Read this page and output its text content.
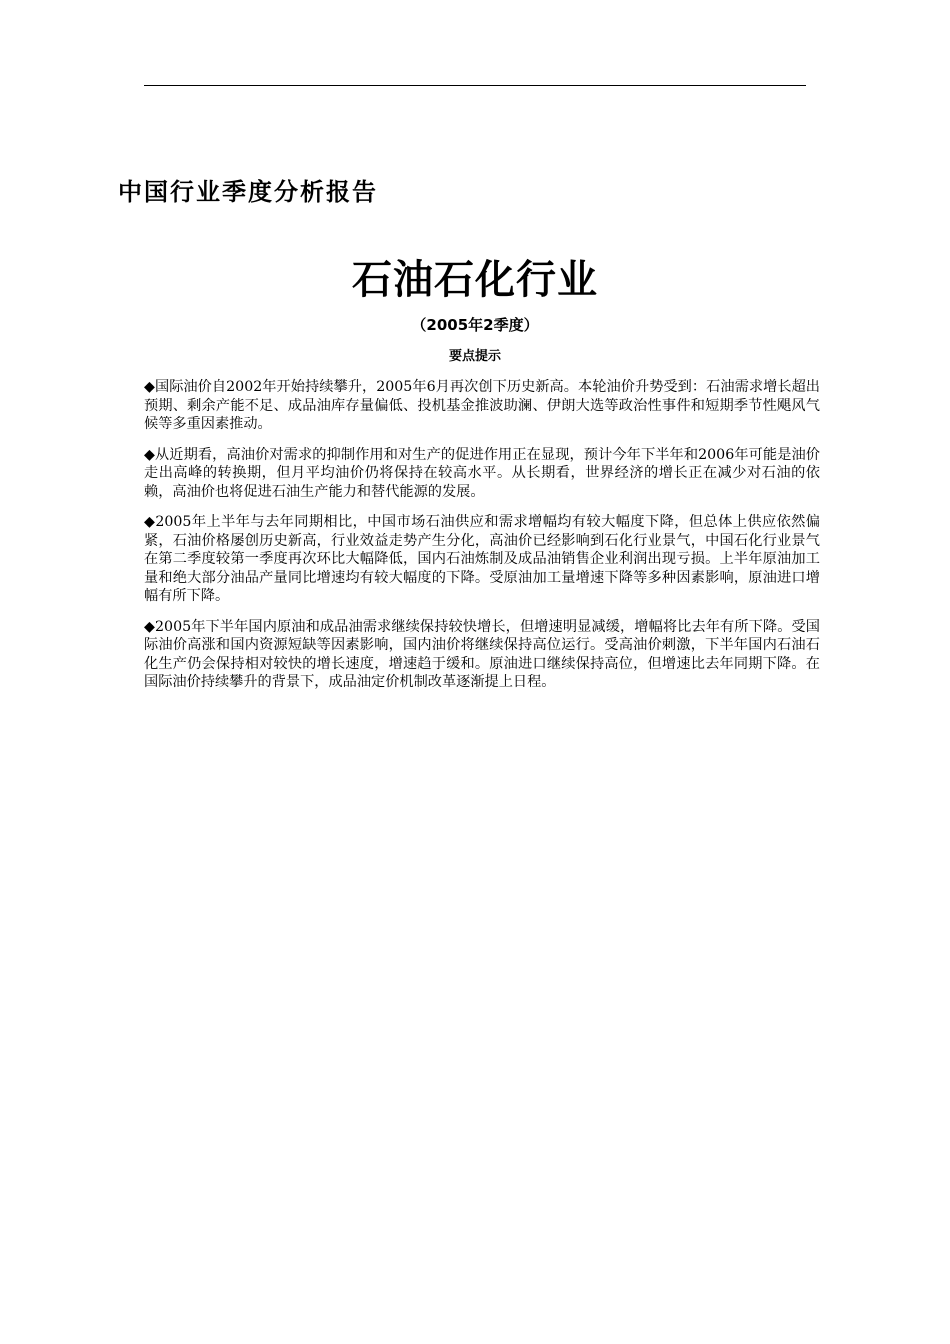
中国行业季度分析报告
石油石化行业
（2005年2季度）
要点提示

◆国际油价自2002年开始持续攀升，2005年6月再次创下历史新高。本轮油价升势受到：石油需求增长超出预期、剩余产能不足、成品油库存量偏低、投机基金推波助澜、伊朗大选等政治性事件和短期季节性飓风气候等多重因素推动。

◆从近期看，高油价对需求的抑制作用和对生产的促进作用正在显现，预计今年下半年和2006年可能是油价走出高峰的转换期，但月平均油价仍将保持在较高水平。从长期看，世界经济的增长正在减少对石油的依赖，高油价也将促进石油生产能力和替代能源的发展。

◆2005年上半年与去年同期相比，中国市场石油供应和需求增幅均有较大幅度下降，但总体上供应依然偏紧，石油价格屡创历史新高，行业效益走势产生分化，高油价已经影响到石化行业景气，中国石化行业景气在第二季度较第一季度再次环比大幅降低，国内石油炼制及成品油销售企业利润出现亏损。上半年原油加工量和绝大部分油品产量同比增速均有较大幅度的下降。受原油加工量增速下降等多种因素影响，原油进口增幅有所下降。

◆2005年下半年国内原油和成品油需求继续保持较快增长，但增速明显减缓，增幅将比去年有所下降。受国际油价高涨和国内资源短缺等因素影响，国内油价将继续保持高位运行。受高油价刺激，下半年国内石油石化生产仍会保持相对较快的增长速度，增速趋于缓和。原油进口继续保持高位，但增速比去年同期下降。在国际油价持续攀升的背景下，成品油定价机制改革逐渐提上日程。
